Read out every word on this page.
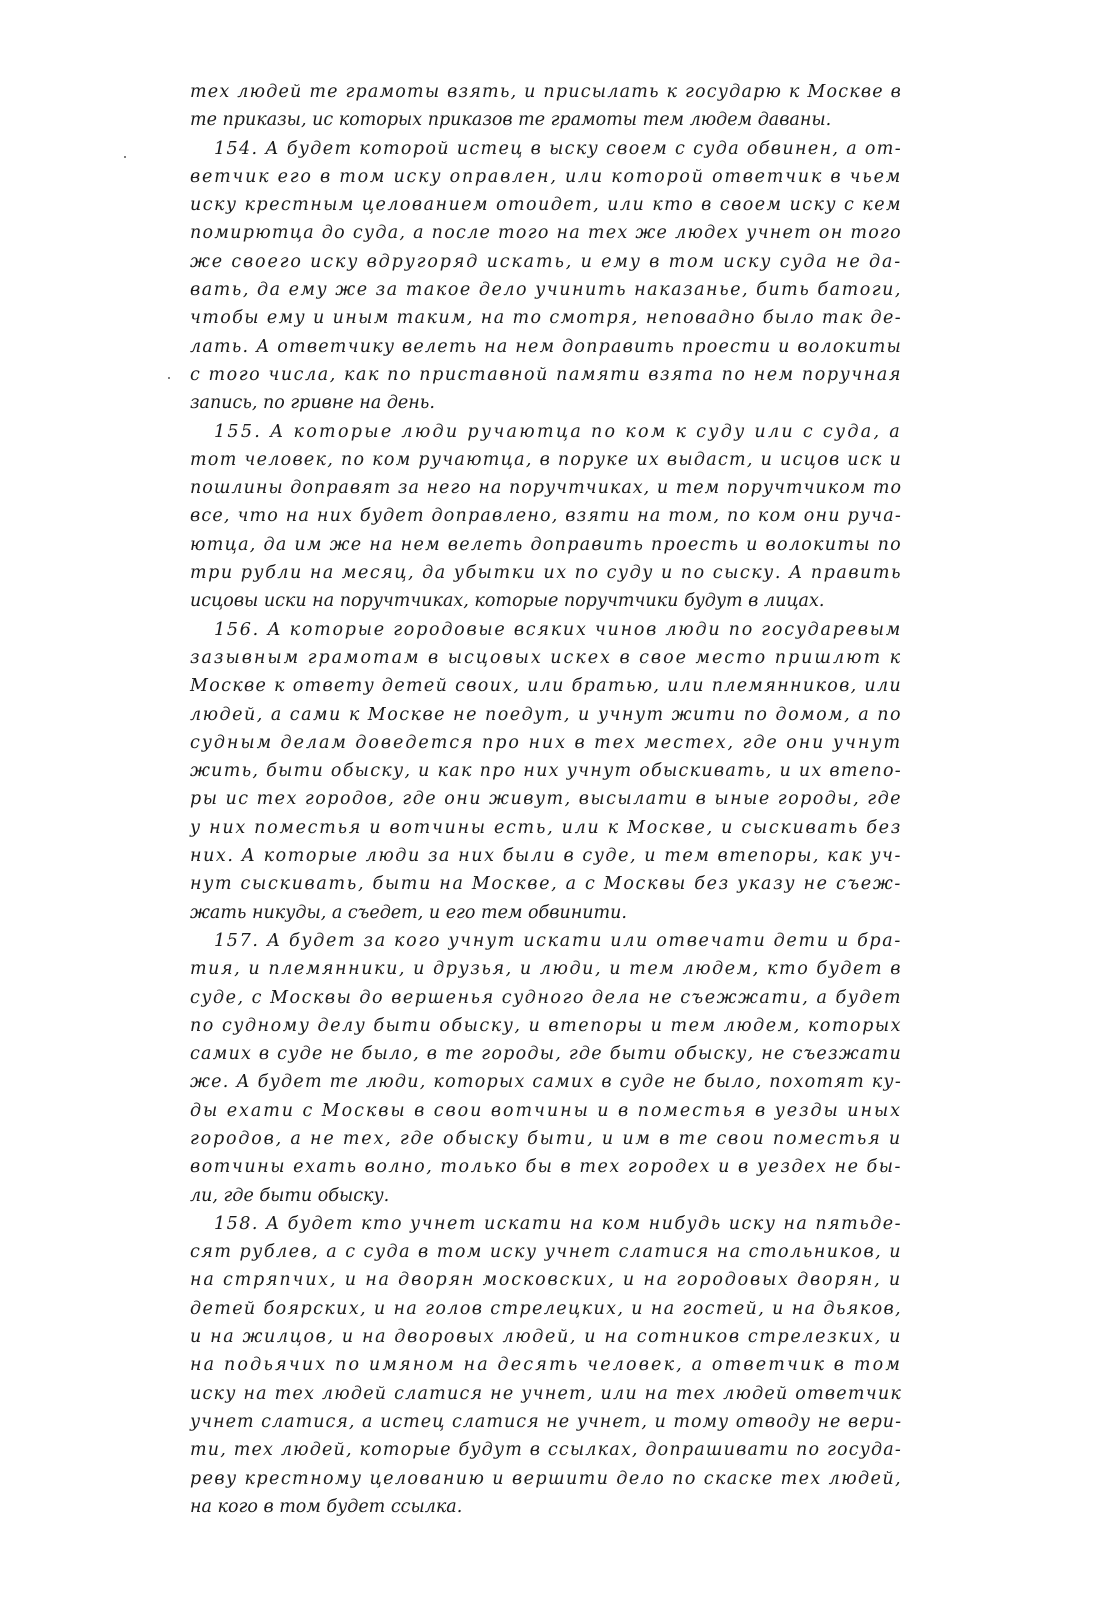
тех людей те грамоты взять, и присылать к государю к Москве в
те приказы, ис которых приказов те грамоты тем людем даваны.
154. А будет которой истец в ыску своем с суда обвинен, а от-
ветчик его в том иску оправлен, или которой ответчик в чьем
иску крестным целованием отоидет, или кто в своем иску с кем
помирютца до суда, а после того на тех же людех учнет он того
же своего иску вдругоряд искать, и ему в том иску суда не да-
вать, да ему же за такое дело учинить наказанье, бить батоги,
чтобы ему и иным таким, на то смотря, неповадно было так де-
лать. А ответчику велеть на нем доправить проести и волокиты
с того числа, как по приставной памяти взята по нем поручная
запись, по гривне на день.
155. А которые люди ручаютца по ком к суду или с суда, а
тот человек, по ком ручаютца, в поруке их выдаст, и исцов иск и
пошлины доправят за него на поручтчиках, и тем поручтчиком то
все, что на них будет доправлено, взяти на том, по ком они руча-
ютца, да им же на нем велеть доправить проесть и волокиты по
три рубли на месяц, да убытки их по суду и по сыску. А править
исцовы иски на поручтчиках, которые поручтчики будут в лицах.
156. А которые городовые всяких чинов люди по государевым
зазывным грамотам в ысцовых искех в свое место пришлют к
Москве к ответу детей своих, или братью, или племянников, или
людей, а сами к Москве не поедут, и учнут жити по домом, а по
судным делам доведется про них в тех местех, где они учнут
жить, быти обыску, и как про них учнут обыскивать, и их втепо-
ры ис тех городов, где они живут, высылати в ыные городы, где
у них поместья и вотчины есть, или к Москве, и сыскивать без
них. А которые люди за них были в суде, и тем втепоры, как уч-
нут сыскивать, быти на Москве, а с Москвы без указу не съеж-
жать никуды, а съедет, и его тем обвинити.
157. А будет за кого учнут искати или отвечати дети и бра-
тия, и племянники, и друзья, и люди, и тем людем, кто будет в
суде, с Москвы до вершенья судного дела не съежжати, а будет
по судному делу быти обыску, и втепоры и тем людем, которых
самих в суде не было, в те городы, где быти обыску, не съезжати
же. А будет те люди, которых самих в суде не было, похотят ку-
ды ехати с Москвы в свои вотчины и в поместья в уезды иных
городов, а не тех, где обыску быти, и им в те свои поместья и
вотчины ехать волно, только бы в тех городех и в уездех не бы-
ли, где быти обыску.
158. А будет кто учнет искати на ком нибудь иску на пятьде-
сят рублев, а с суда в том иску учнет слатися на стольников, и
на стряпчих, и на дворян московских, и на городовых дворян, и
детей боярских, и на голов стрелецких, и на гостей, и на дьяков,
и на жилцов, и на дворовых людей, и на сотников стрелезких, и
на подьячих по имяном на десять человек, а ответчик в том
иску на тех людей слатися не учнет, или на тех людей ответчик
учнет слатися, а истец слатися не учнет, и тому отводу не вери-
ти, тех людей, которые будут в ссылках, допрашивати по госуда-
реву крестному целованию и вершити дело по скаске тех людей,
на кого в том будет ссылка.
